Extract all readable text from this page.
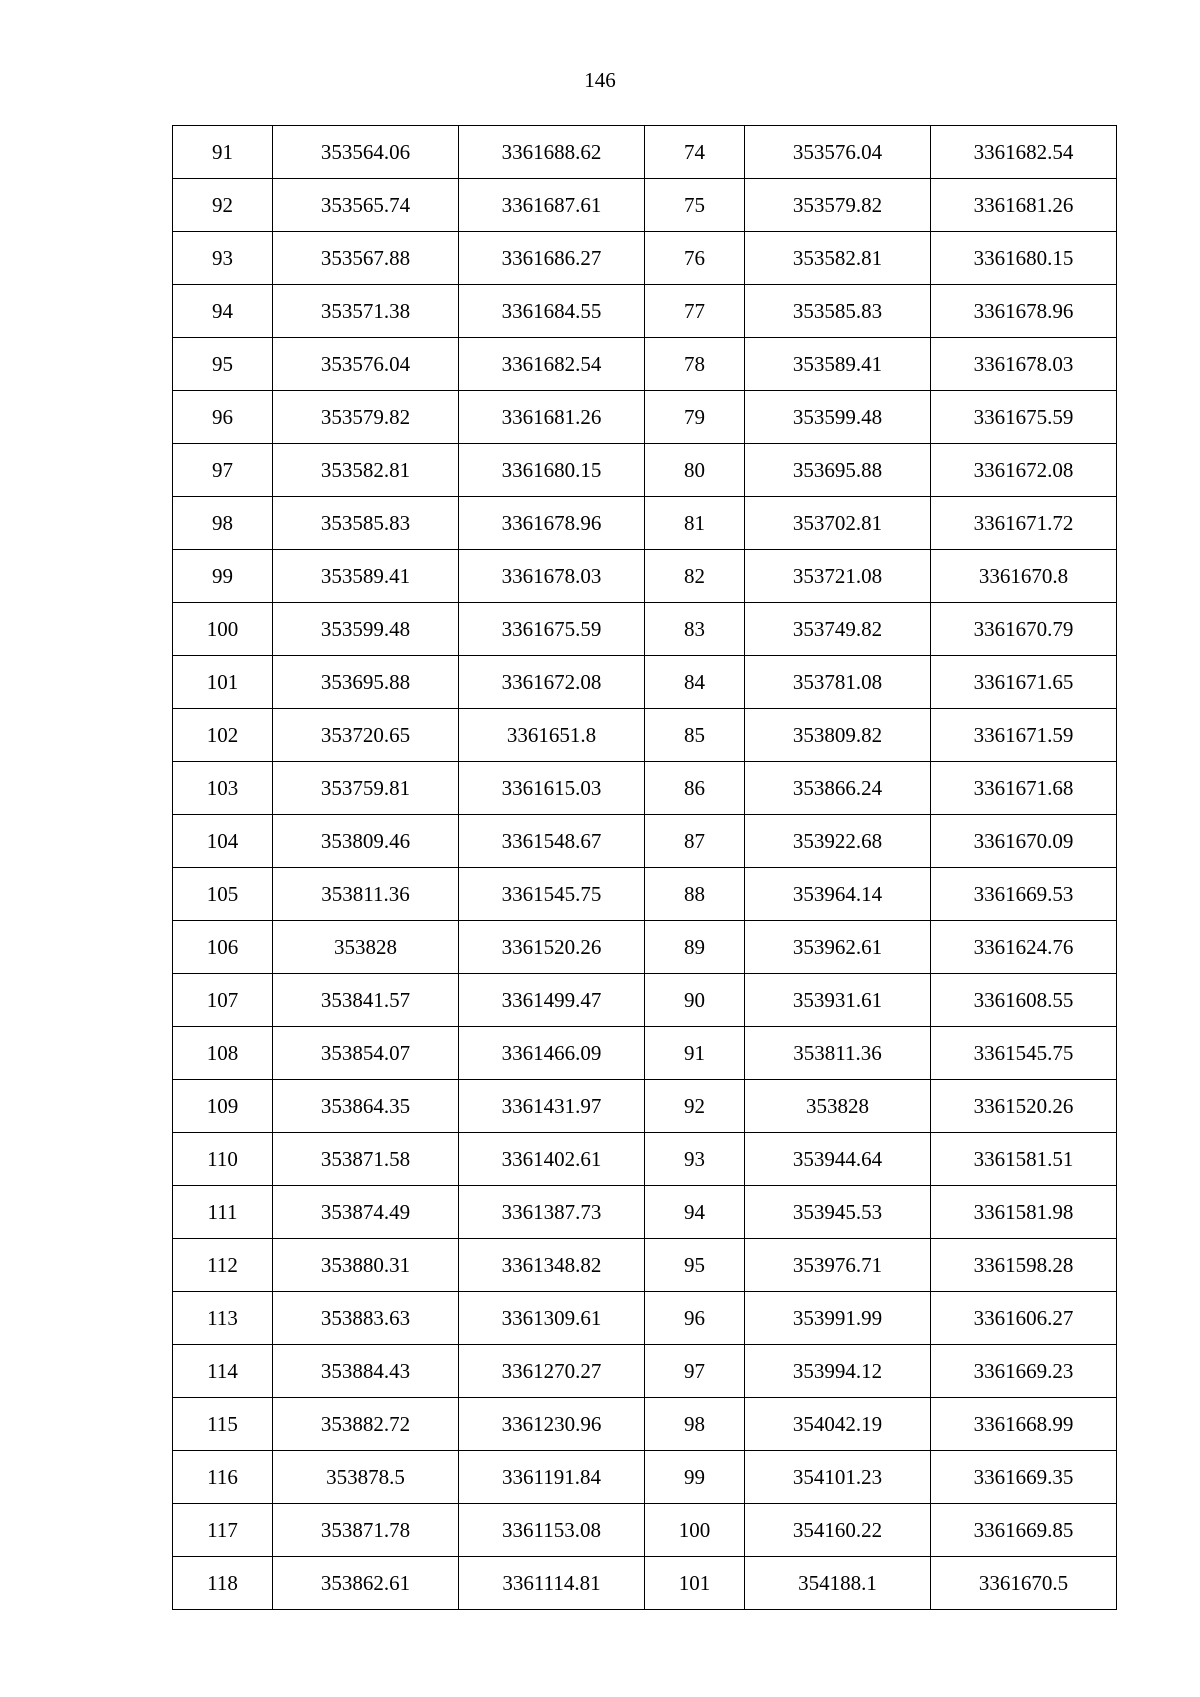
146
91	353564.06	3361688.62	74	353576.04	3361682.54
92	353565.74	3361687.61	75	353579.82	3361681.26
93	353567.88	3361686.27	76	353582.81	3361680.15
94	353571.38	3361684.55	77	353585.83	3361678.96
95	353576.04	3361682.54	78	353589.41	3361678.03
96	353579.82	3361681.26	79	353599.48	3361675.59
97	353582.81	3361680.15	80	353695.88	3361672.08
98	353585.83	3361678.96	81	353702.81	3361671.72
99	353589.41	3361678.03	82	353721.08	3361670.8
100	353599.48	3361675.59	83	353749.82	3361670.79
101	353695.88	3361672.08	84	353781.08	3361671.65
102	353720.65	3361651.8	85	353809.82	3361671.59
103	353759.81	3361615.03	86	353866.24	3361671.68
104	353809.46	3361548.67	87	353922.68	3361670.09
105	353811.36	3361545.75	88	353964.14	3361669.53
106	353828	3361520.26	89	353962.61	3361624.76
107	353841.57	3361499.47	90	353931.61	3361608.55
108	353854.07	3361466.09	91	353811.36	3361545.75
109	353864.35	3361431.97	92	353828	3361520.26
110	353871.58	3361402.61	93	353944.64	3361581.51
111	353874.49	3361387.73	94	353945.53	3361581.98
112	353880.31	3361348.82	95	353976.71	3361598.28
113	353883.63	3361309.61	96	353991.99	3361606.27
114	353884.43	3361270.27	97	353994.12	3361669.23
115	353882.72	3361230.96	98	354042.19	3361668.99
116	353878.5	3361191.84	99	354101.23	3361669.35
117	353871.78	3361153.08	100	354160.22	3361669.85
118	353862.61	3361114.81	101	354188.1	3361670.5
